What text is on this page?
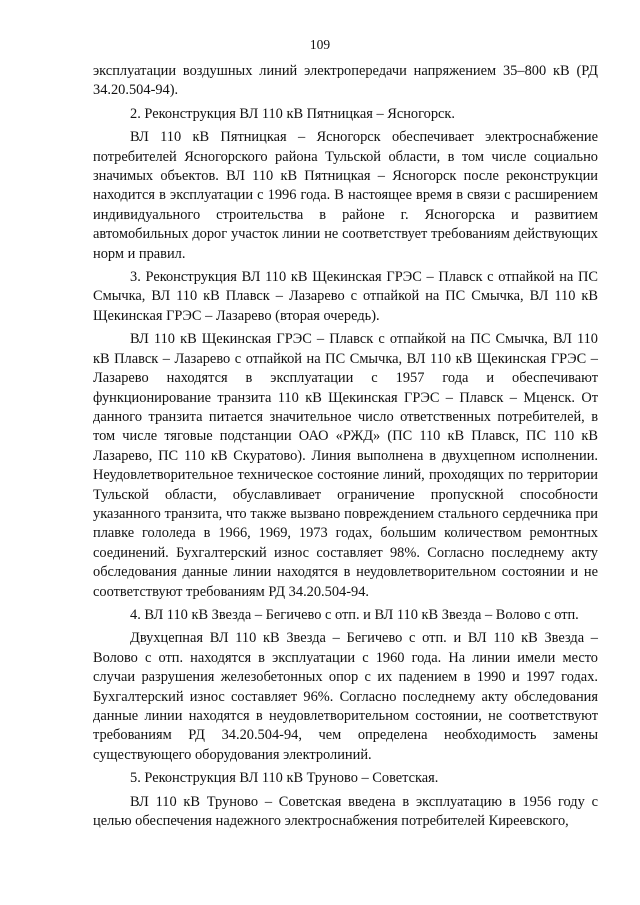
109

эксплуатации воздушных линий электропередачи напряжением 35–800 кВ (РД 34.20.504-94).

2. Реконструкция ВЛ 110 кВ Пятницкая – Ясногорск.

ВЛ 110 кВ Пятницкая – Ясногорск обеспечивает электроснабжение потребителей Ясногорского района Тульской области, в том числе социально значимых объектов. ВЛ 110 кВ Пятницкая – Ясногорск после реконструкции находится в эксплуатации с 1996 года. В настоящее время в связи с расширением индивидуального строительства в районе г. Ясногорска и развитием автомобильных дорог участок линии не соответствует требованиям действующих норм и правил.

3. Реконструкция ВЛ 110 кВ Щекинская ГРЭС – Плавск с отпайкой на ПС Смычка, ВЛ 110 кВ Плавск – Лазарево с отпайкой на ПС Смычка, ВЛ 110 кВ Щекинская ГРЭС – Лазарево (вторая очередь).

ВЛ 110 кВ Щекинская ГРЭС – Плавск с отпайкой на ПС Смычка, ВЛ 110 кВ Плавск – Лазарево с отпайкой на ПС Смычка, ВЛ 110 кВ Щекинская ГРЭС – Лазарево находятся в эксплуатации с 1957 года и обеспечивают функционирование транзита 110 кВ Щекинская ГРЭС – Плавск – Мценск. От данного транзита питается значительное число ответственных потребителей, в том числе тяговые подстанции ОАО «РЖД» (ПС 110 кВ Плавск, ПС 110 кВ Лазарево, ПС 110 кВ Скуратово). Линия выполнена в двухцепном исполнении. Неудовлетворительное техническое состояние линий, проходящих по территории Тульской области, обуславливает ограничение пропускной способности указанного транзита, что также вызвано повреждением стального сердечника при плавке гололеда в 1966, 1969, 1973 годах, большим количеством ремонтных соединений. Бухгалтерский износ составляет 98%. Согласно последнему акту обследования данные линии находятся в неудовлетворительном состоянии и не соответствуют требованиям РД 34.20.504-94.

4. ВЛ 110 кВ Звезда – Бегичево с отп. и ВЛ 110 кВ Звезда – Волово с отп.

Двухцепная ВЛ 110 кВ Звезда – Бегичево с отп. и ВЛ 110 кВ Звезда – Волово с отп. находятся в эксплуатации с 1960 года. На линии имели место случаи разрушения железобетонных опор с их падением в 1990 и 1997 годах. Бухгалтерский износ составляет 96%. Согласно последнему акту обследования данные линии находятся в неудовлетворительном состоянии, не соответствуют требованиям РД 34.20.504-94, чем определена необходимость замены существующего оборудования электролиний.

5. Реконструкция ВЛ 110 кВ Труново – Советская.

ВЛ 110 кВ Труново – Советская введена в эксплуатацию в 1956 году с целью обеспечения надежного электроснабжения потребителей Киреевского,
